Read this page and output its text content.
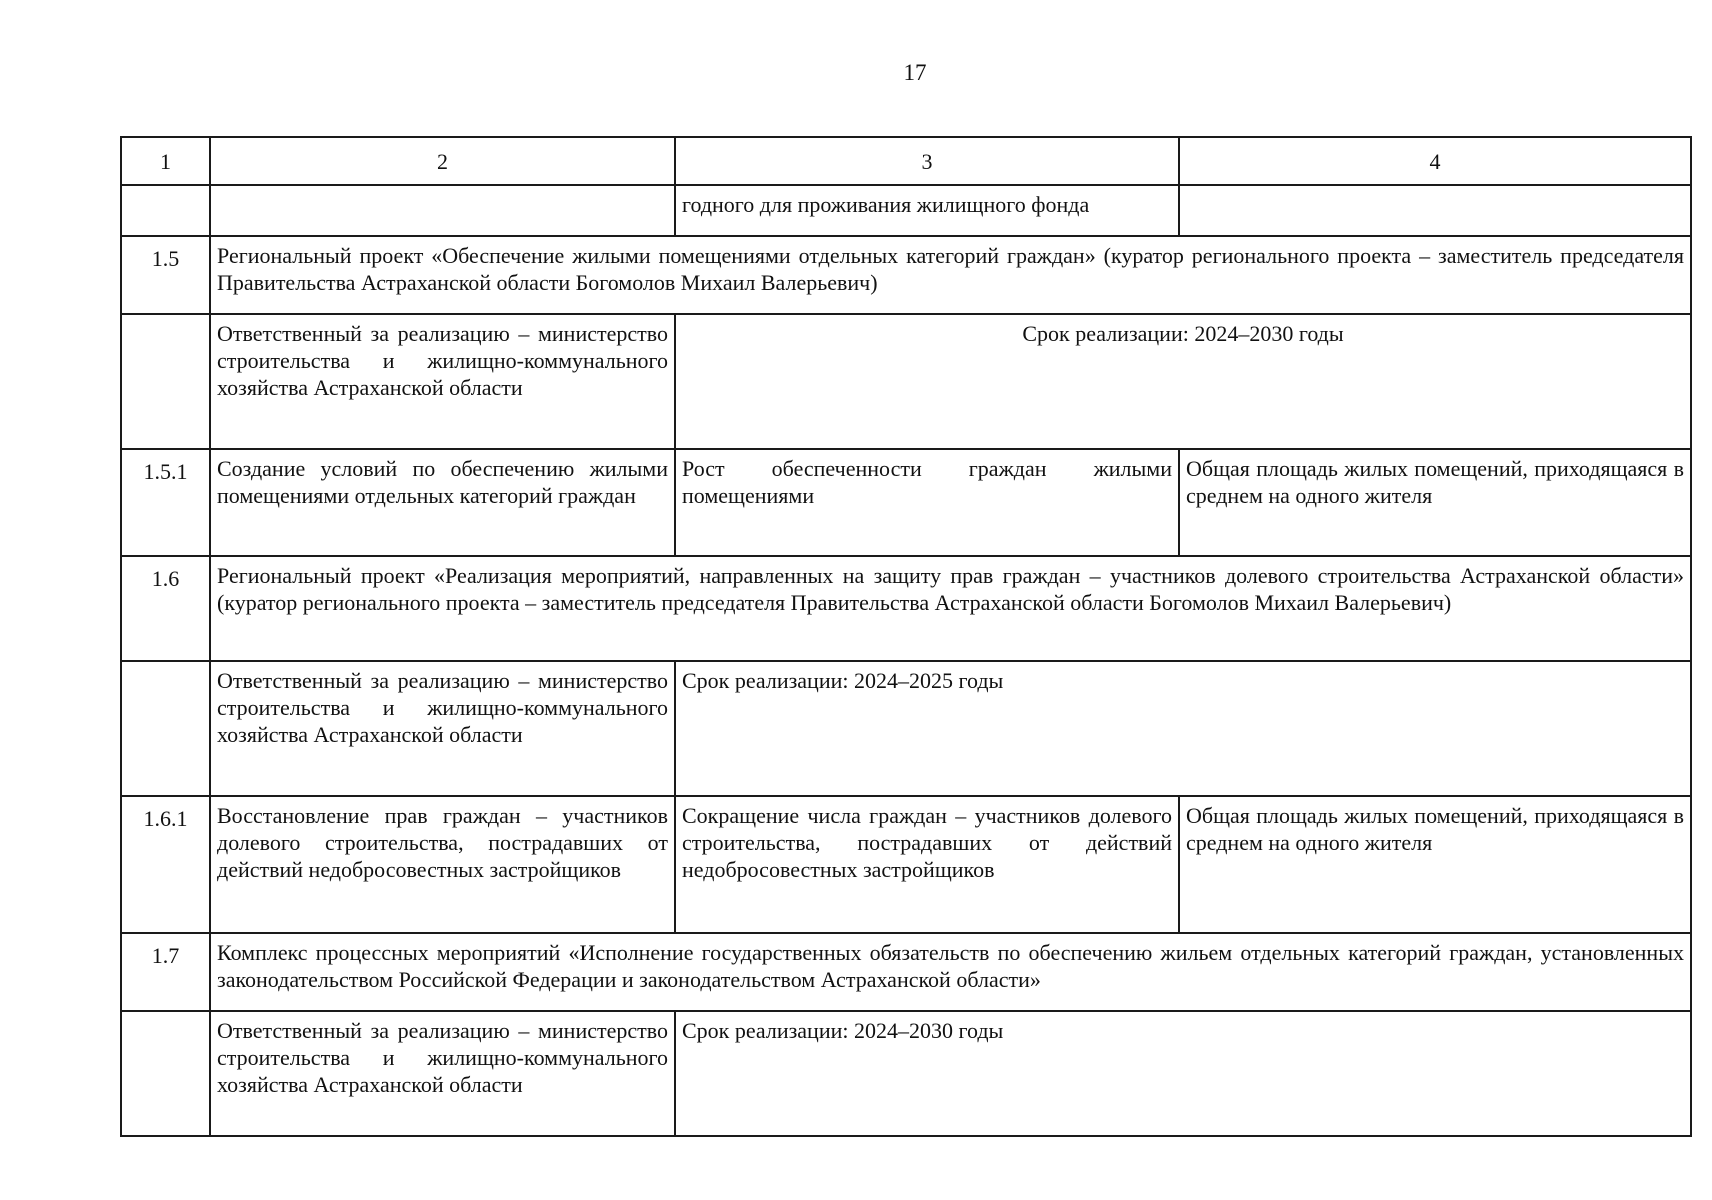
17
1	2	3	4
		годного для проживания жилищного фонда	
1.5	Региональный проект «Обеспечение жилыми помещениями отдельных категорий граждан» (куратор регионального проекта – заместитель председателя Правительства Астраханской области Богомолов Михаил Валерьевич)		
	Ответственный за реализацию – министерство строительства и жилищно-коммунального хозяйства Астраханской области	Срок реализации: 2024–2030 годы	
1.5.1	Создание условий по обеспечению жилыми помещениями отдельных категорий граждан	Рост обеспеченности граждан жилыми помещениями	Общая площадь жилых помещений, приходящаяся в среднем на одного жителя
1.6	Региональный проект «Реализация мероприятий, направленных на защиту прав граждан – участников долевого строительства Астраханской области» (куратор регионального проекта – заместитель председателя Правительства Астраханской области Богомолов Михаил Валерьевич)		
	Ответственный за реализацию – министерство строительства и жилищно-коммунального хозяйства Астраханской области	Срок реализации: 2024–2025 годы	
1.6.1	Восстановление прав граждан – участников долевого строительства, пострадавших от действий недобросовестных застройщиков	Сокращение числа граждан – участников долевого строительства, пострадавших от действий недобросовестных застройщиков	Общая площадь жилых помещений, приходящаяся в среднем на одного жителя
1.7	Комплекс процессных мероприятий «Исполнение государственных обязательств по обеспечению жильем отдельных категорий граждан, установленных законодательством Российской Федерации и законодательством Астраханской области»		
	Ответственный за реализацию – министерство строительства и жилищно-коммунального хозяйства Астраханской области	Срок реализации: 2024–2030 годы	
